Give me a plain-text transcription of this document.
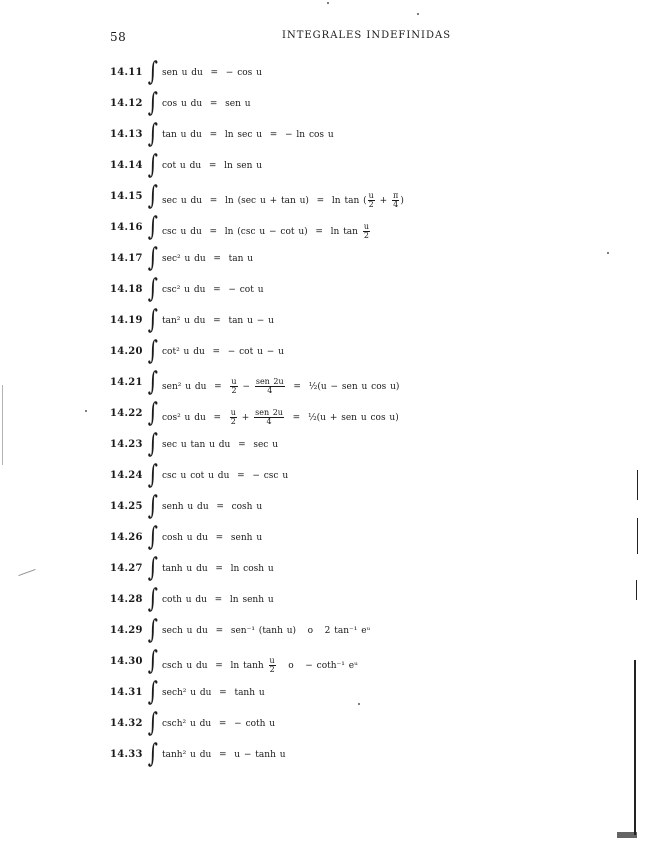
58	INTEGRALES INDEFINIDAS
14.11 ∫ sen u du  =  − cos u
14.12 ∫ cos u du  =  sen u
14.13 ∫ tan u du  =  ln sec u  =  − ln cos u
14.14 ∫ cot u du  =  ln sen u
14.15 ∫ sec u du  =  ln (sec u + tan u)  =  ln tan ( $\frac{u}{2} + \frac{\pi}{4}$ )
14.16 ∫ csc u du  =  ln (csc $u - \cot u) = \ln \tan \frac{u}{2}$
14.17 ∫ sec² u du  =  tan u
14.18 ∫ csc² u du  =  − cot u
14.19 ∫ tan² u du  =  tan u − u
14.20 ∫ cot² u du  =  − cot u − u
14.21 ∫ sen² u du  = $\frac{u}{2} - \frac{\text{sen 2u}}{4}$ =  ½(u − sen u cos u)
14.22 ∫ cos² u du  = $\frac{u}{2} + \frac{\text{sen 2u}}{4}$ =  ½(u + sen u cos u)
14.23 ∫ sec u tan u du  =  sec u
14.24 ∫ csc u cot u du  =  − csc u
14.25 ∫ senh u du  =  cosh u
14.26 ∫ cosh u du  =  senh u
14.27 ∫ tanh u du  =  ln cosh u
14.28 ∫ coth u du  =  ln senh u
14.29 ∫ sech u du  =  sen⁻¹ (tanh u)   o   2 tan⁻¹ eᵘ
14.30 ∫ csch u du  =  $\ln \tanh \frac{u}{2}$ o   − coth⁻¹ eᵘ
14.31 ∫ sech² u du  =  tanh u
14.32 ∫ csch² u du  =  − coth u
14.33 ∫ tanh² u du  =  u − tanh u
